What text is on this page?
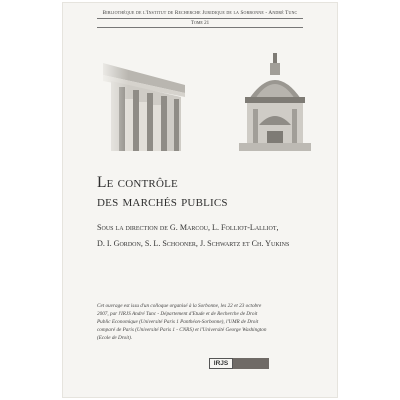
Bibliothèque de l'Institut de Recherche Juridique de la Sorbonne - André Tunc
Tome 21
Le contrôle
des marchés publics
Sous la direction de G. Marcou, L. Folliot-Lalliot,
D. I. Gordon, S. L. Schooner, J. Schwartz et Ch. Yukins
Cet ouvrage est issu d'un colloque organisé à la Sorbonne, les 22 et 23 octobre
2007, par l'IRJS André Tunc - Département d'Etude et de Recherche de Droit
Public Economique (Université Paris 1 Panthéon-Sorbonne), l'UMR de Droit
comparé de Paris (Université Paris 1 - CNRS) et l'Université George Washington
(Ecole de Droit).
IRJS
